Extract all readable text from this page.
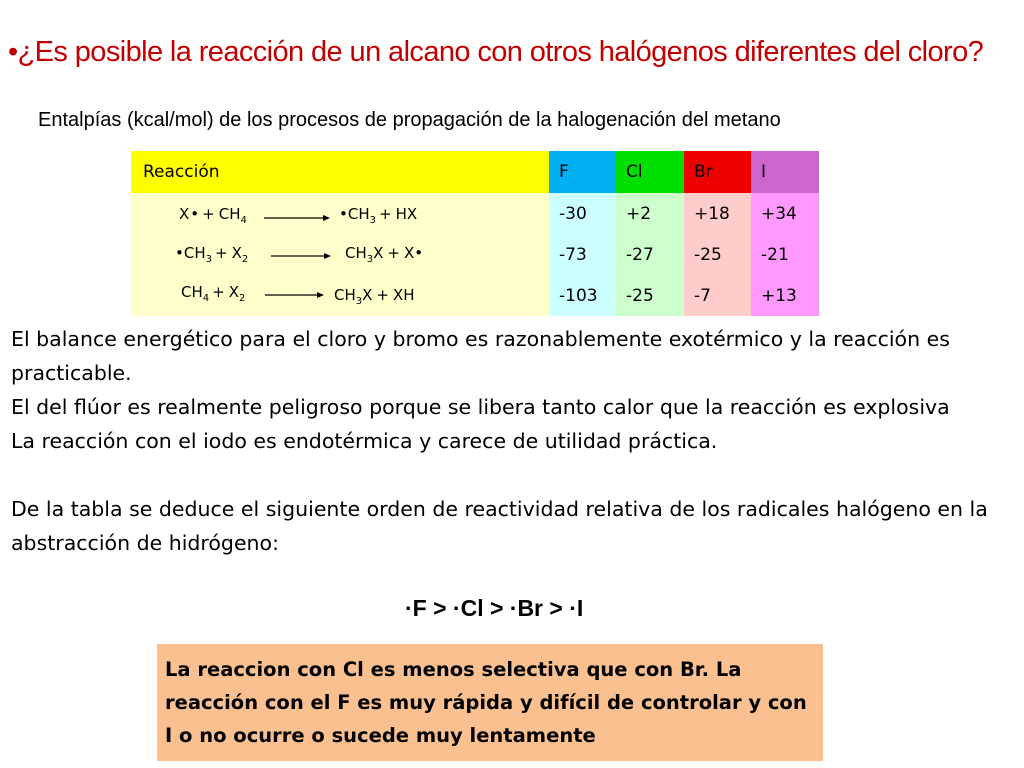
•¿Es posible la reacción de un alcano con otros halógenos diferentes del cloro?
Entalpías (kcal/mol) de los procesos de propagación de la halogenación del metano
Reacción	F	Cl	Br	I

X• + $CH_4$ $•CH_3$ + HX	-30	+2	+18	+34

$•CH_3 + X_2$ $CH_3X$ + X•	-73	-27	-25	-21

$CH_4 + X_2$ $CH_3X$ + XH	-103	-25	-7	+13

El balance energético para el cloro y bromo es razonablemente exotérmico y la reacción es practicable.

El del flúor es realmente peligroso porque se libera tanto calor que la reacción es explosiva

La reacción con el iodo es endotérmica y carece de utilidad práctica.

De la tabla se deduce el siguiente orden de reactividad relativa de los radicales halógeno en la abstracción de hidrógeno:

·F > ·Cl > ·Br > ·I
La reaccion con Cl es menos selectiva que con Br. La reacción con el F es muy rápida y difícil de controlar y con I o no ocurre o sucede muy lentamente
